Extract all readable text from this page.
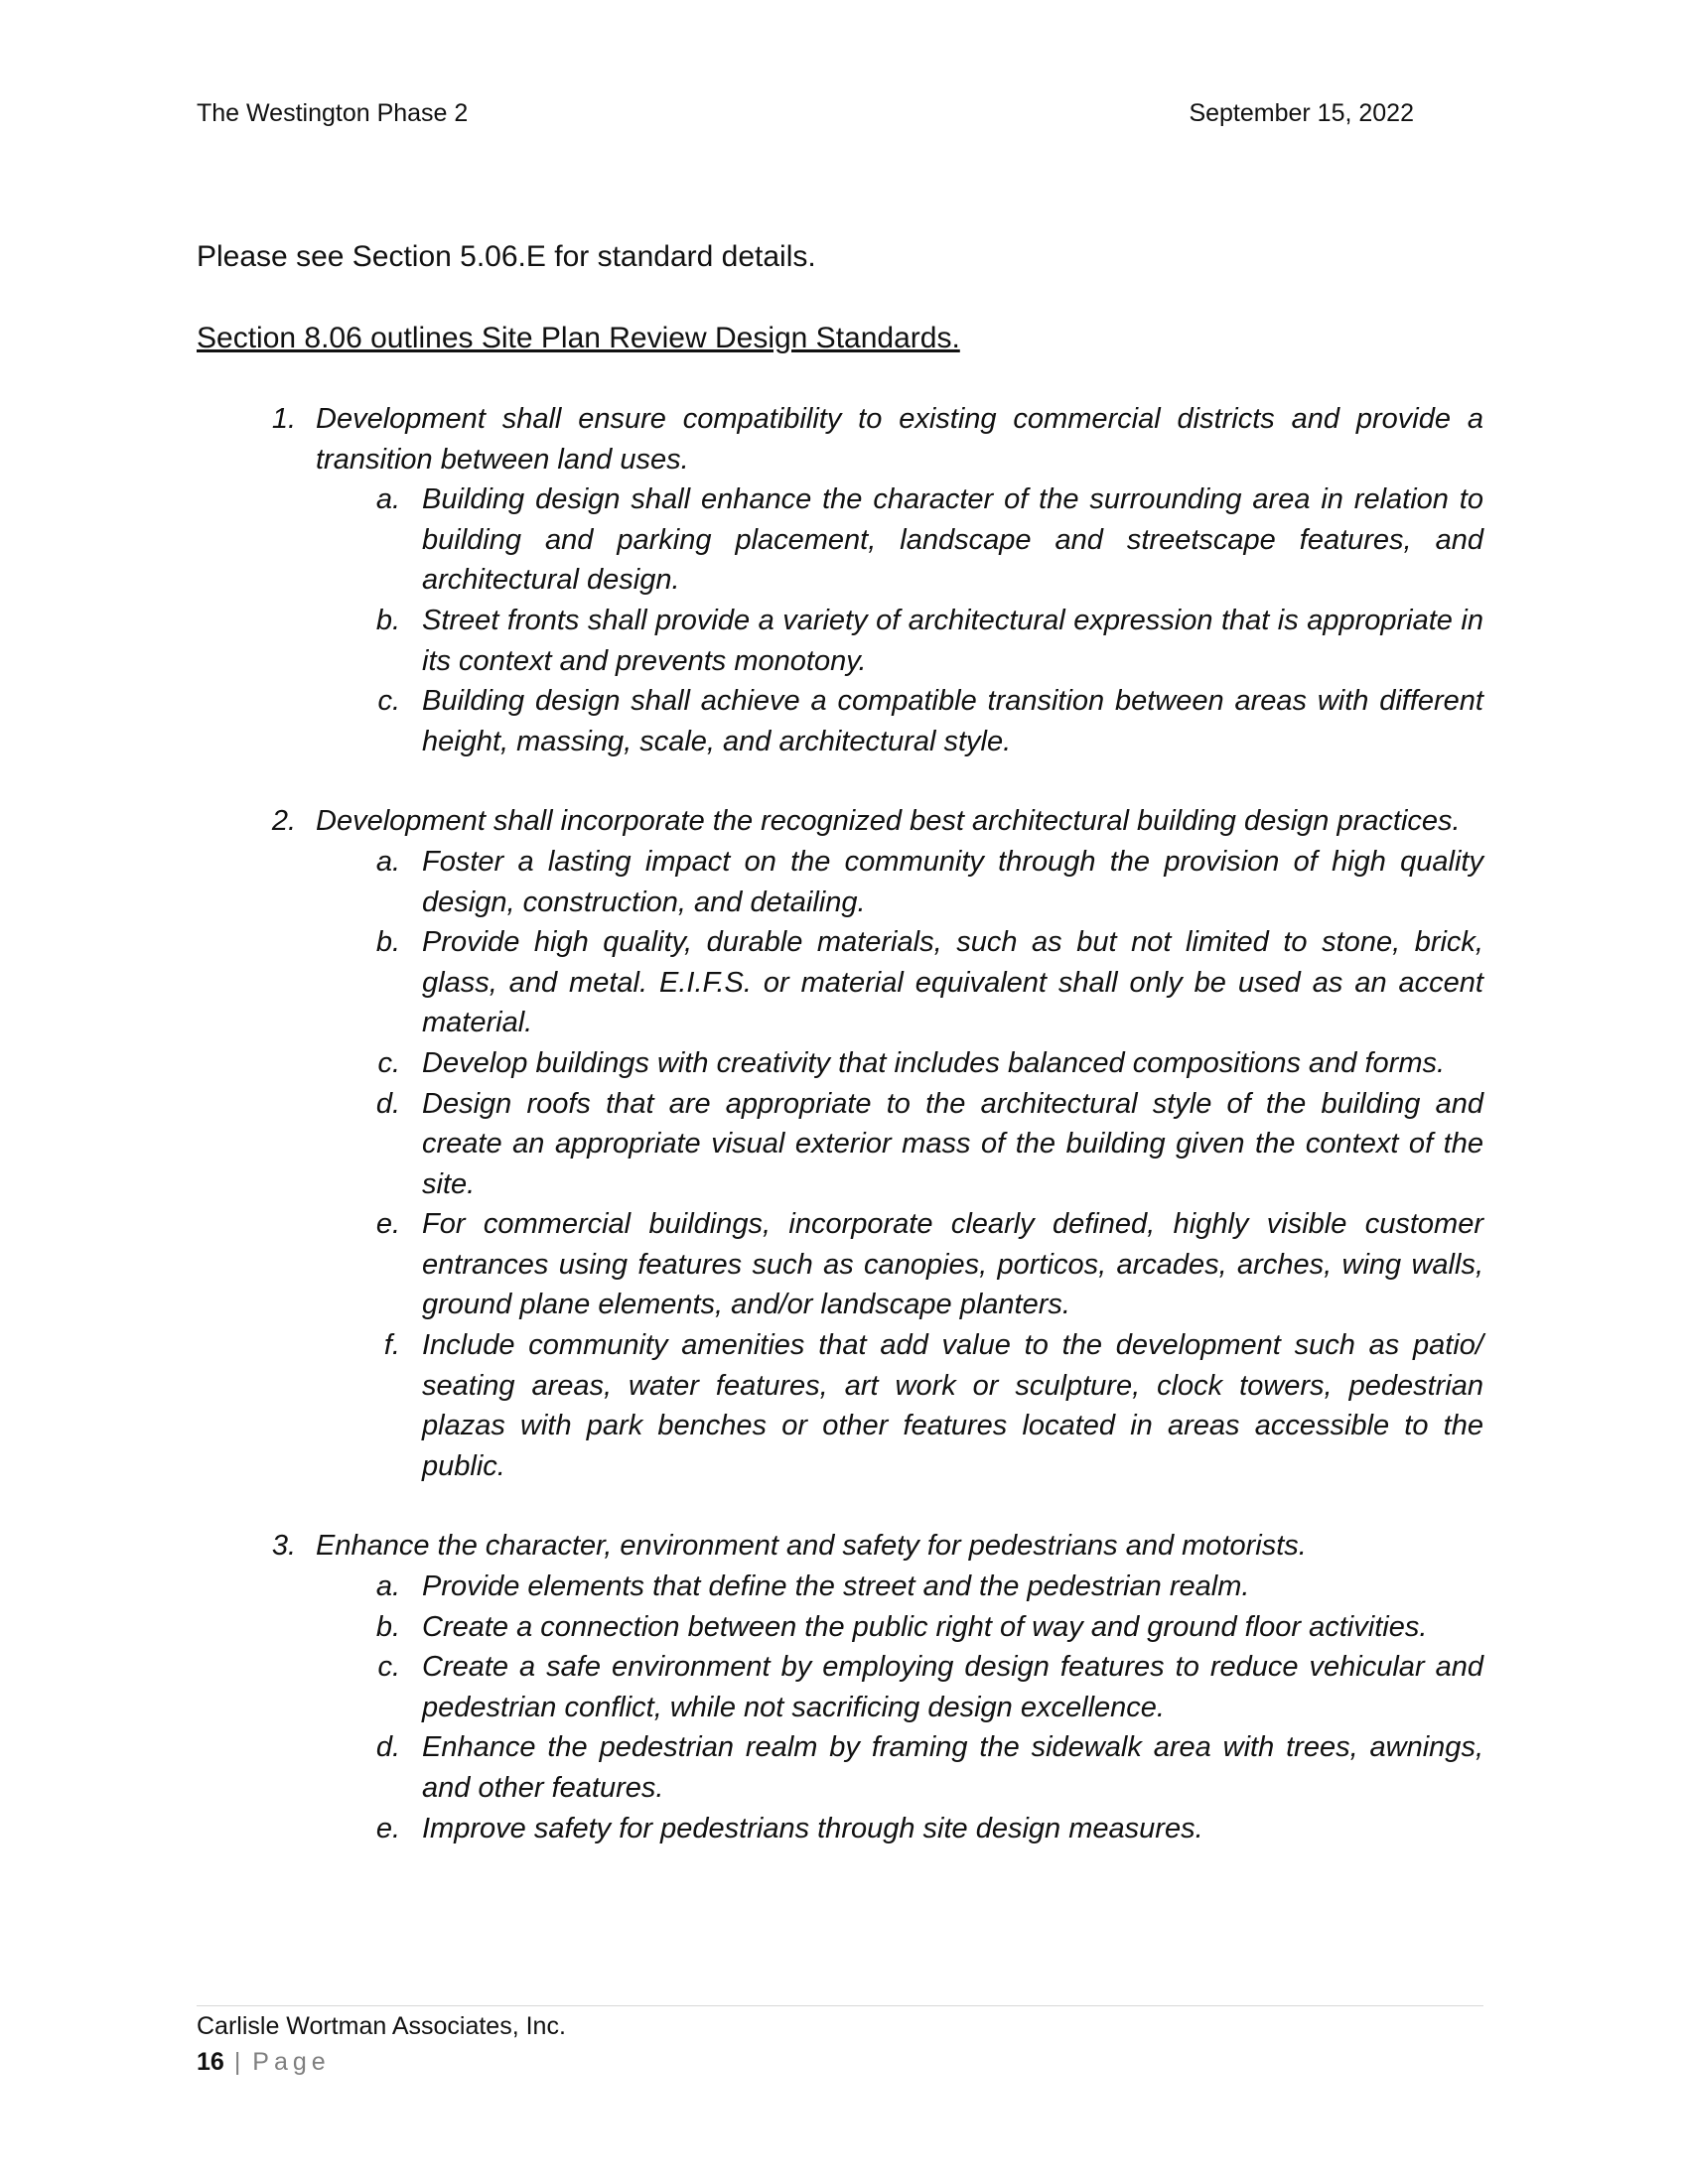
The Westington Phase 2	September 15, 2022
Please see Section 5.06.E for standard details.
Section 8.06 outlines Site Plan Review Design Standards.
1. Development shall ensure compatibility to existing commercial districts and provide a transition between land uses.
a. Building design shall enhance the character of the surrounding area in relation to building and parking placement, landscape and streetscape features, and architectural design.
b. Street fronts shall provide a variety of architectural expression that is appropriate in its context and prevents monotony.
c. Building design shall achieve a compatible transition between areas with different height, massing, scale, and architectural style.
2. Development shall incorporate the recognized best architectural building design practices.
a. Foster a lasting impact on the community through the provision of high quality design, construction, and detailing.
b. Provide high quality, durable materials, such as but not limited to stone, brick, glass, and metal. E.I.F.S. or material equivalent shall only be used as an accent material.
c. Develop buildings with creativity that includes balanced compositions and forms.
d. Design roofs that are appropriate to the architectural style of the building and create an appropriate visual exterior mass of the building given the context of the site.
e. For commercial buildings, incorporate clearly defined, highly visible customer entrances using features such as canopies, porticos, arcades, arches, wing walls, ground plane elements, and/or landscape planters.
f. Include community amenities that add value to the development such as patio/ seating areas, water features, art work or sculpture, clock towers, pedestrian plazas with park benches or other features located in areas accessible to the public.
3. Enhance the character, environment and safety for pedestrians and motorists.
a. Provide elements that define the street and the pedestrian realm.
b. Create a connection between the public right of way and ground floor activities.
c. Create a safe environment by employing design features to reduce vehicular and pedestrian conflict, while not sacrificing design excellence.
d. Enhance the pedestrian realm by framing the sidewalk area with trees, awnings, and other features.
e. Improve safety for pedestrians through site design measures.
Carlisle Wortman Associates, Inc.
16 | Page
